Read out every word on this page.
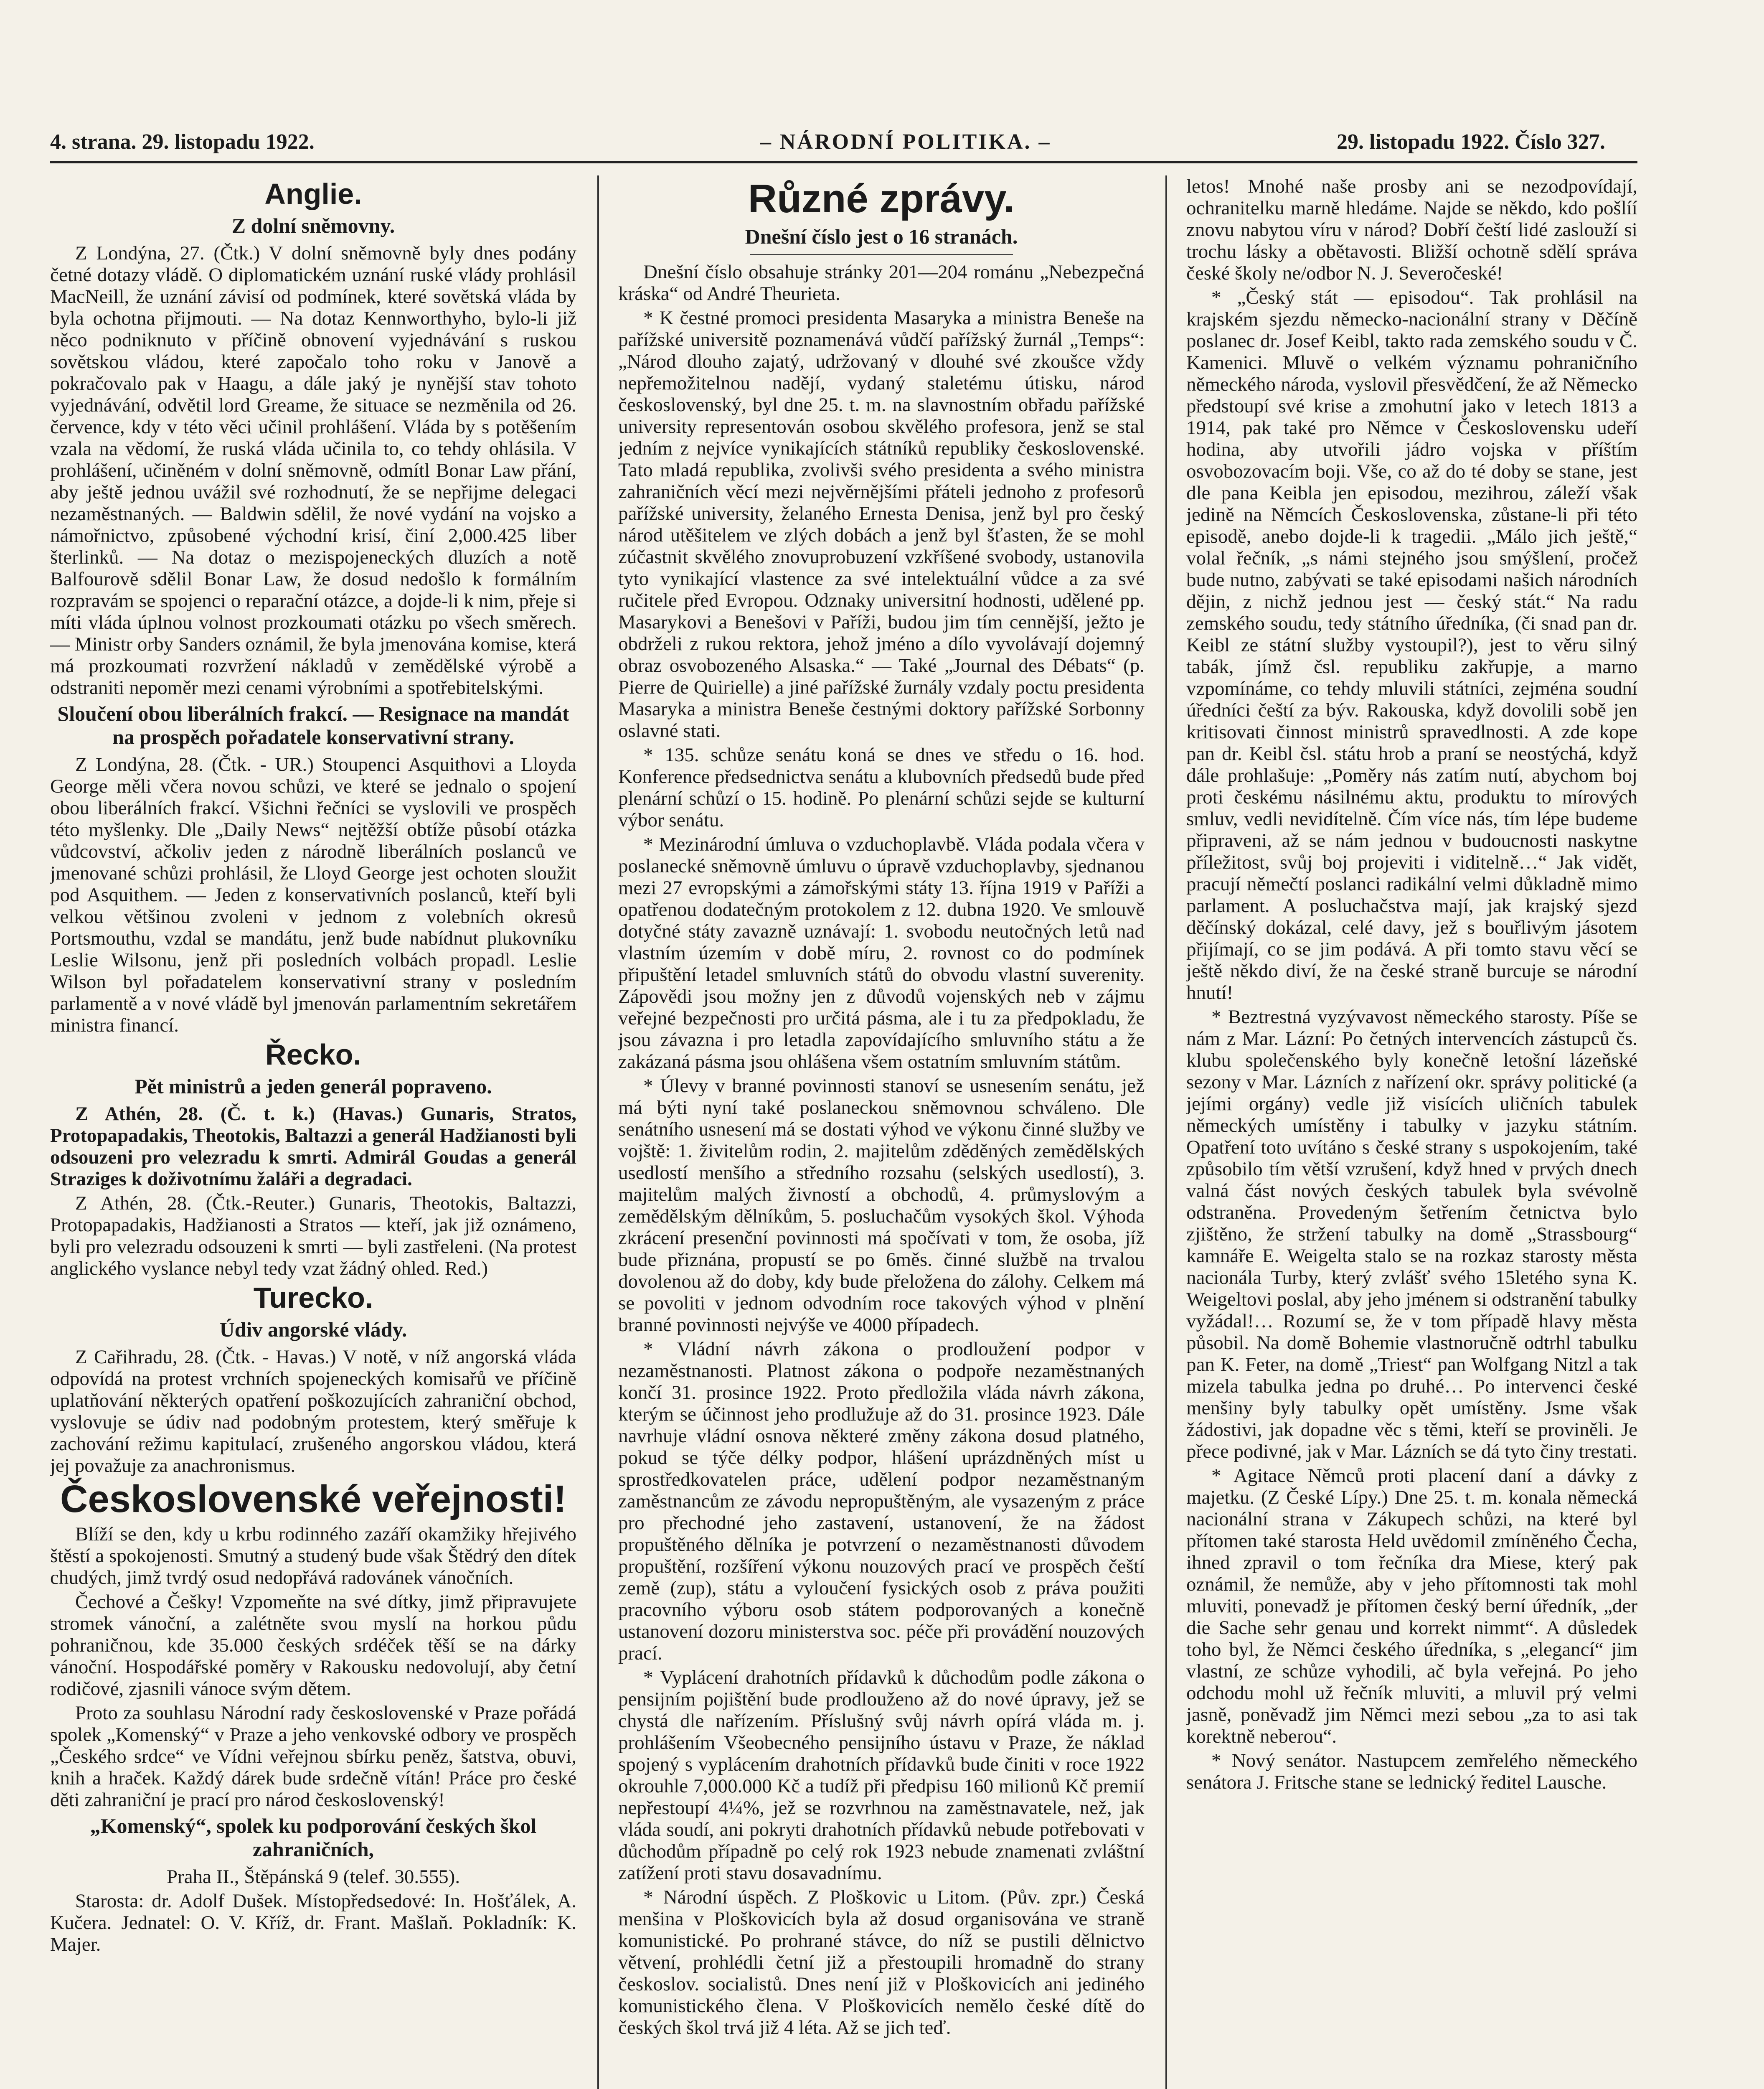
4. strana. 29. listopadu 1922.	– NÁRODNÍ POLITIKA. –	29. listopadu 1922. Číslo 327.
Anglie.
Z dolní sněmovny.

Z Londýna, 27. (Čtk.) V dolní sněmovně byly dnes podány četné dotazy vládě. O diplomatickém uznání ruské vlády prohlásil MacNeill, že uznání závisí od podmínek, které sovětská vláda by byla ochotna přijmouti. — Na dotaz Kennworthyho, bylo-li již něco podniknuto v příčině obnovení vyjednávání s ruskou sovětskou vládou, které započalo toho roku v Janově a pokračovalo pak v Haagu, a dále jaký je nynější stav tohoto vyjednávání, odvětil lord Greame, že situace se nezměnila od 26. července, kdy v této věci učinil prohlášení. Vláda by s potěšením vzala na vědomí, že ruská vláda učinila to, co tehdy ohlásila. V prohlášení, učiněném v dolní sněmovně, odmítl Bonar Law přání, aby ještě jednou uvážil své rozhodnutí, že se nepřijme delegaci nezaměstnaných. — Baldwin sdělil, že nové vydání na vojsko a námořnictvo, způsobené východní krisí, činí 2,000.425 liber šterlinků. — Na dotaz o mezispojeneckých dluzích a notě Balfourově sdělil Bonar Law, že dosud nedošlo k formálním rozpravám se spojenci o reparační otázce, a dojde-li k nim, přeje si míti vláda úplnou volnost prozkoumati otázku po všech směrech. — Ministr orby Sanders oznámil, že byla jmenována komise, která má prozkoumati rozvržení nákladů v zemědělské výrobě a odstraniti nepoměr mezi cenami výrobními a spotřebitelskými.

Sloučení obou liberálních frakcí. — Resignace na mandát na prospěch pořadatele konservativní strany.

Z Londýna, 28. (Čtk. - UR.) Stoupenci Asquithovi a Lloyda George měli včera novou schůzi, ve které se jednalo o spojení obou liberálních frakcí. Všichni řečníci se vyslovili ve prospěch této myšlenky. Dle „Daily News“ nejtěžší obtíže působí otázka vůdcovství, ačkoliv jeden z národně liberálních poslanců ve jmenované schůzi prohlásil, že Lloyd George jest ochoten sloužit pod Asquithem. — Jeden z konservativních poslanců, kteří byli velkou většinou zvoleni v jednom z volebních okresů Portsmouthu, vzdal se mandátu, jenž bude nabídnut plukovníku Leslie Wilsonu, jenž při posledních volbách propadl. Leslie Wilson byl pořadatelem konservativní strany v posledním parlamentě a v nové vládě byl jmenován parlamentním sekretářem ministra financí.

Řecko.
Pět ministrů a jeden generál popraveno.

Z Athén, 28. (Č. t. k.) (Havas.) Gunaris, Stratos, Protopapadakis, Theotokis, Baltazzi a generál Hadžianosti byli odsouzeni pro velezradu k smrti. Admirál Goudas a generál Straziges k doživotnímu žaláři a degradaci.

Z Athén, 28. (Čtk.-Reuter.) Gunaris, Theotokis, Baltazzi, Protopapadakis, Hadžianosti a Stratos — kteří, jak již oznámeno, byli pro velezradu odsouzeni k smrti — byli zastřeleni. (Na protest anglického vyslance nebyl tedy vzat žádný ohled. Red.)

Turecko.
Údiv angorské vlády.

Z Cařihradu, 28. (Čtk. - Havas.) V notě, v níž angorská vláda odpovídá na protest vrchních spojeneckých komisařů ve příčině uplatňování některých opatření poškozujících zahraniční obchod, vyslovuje se údiv nad podobným protestem, který směřuje k zachování režimu kapitulací, zrušeného angorskou vládou, která jej považuje za anachronismus.

Československé veřejnosti!

Blíží se den, kdy u krbu rodinného zazáří okamžiky hřejivého štěstí a spokojenosti. Smutný a studený bude však Štědrý den dítek chudých, jimž tvrdý osud nedopřává radovánek vánočních.

Čechové a Češky! Vzpomeňte na své dítky, jimž připravujete stromek vánoční, a zalétněte svou myslí na horkou půdu pohraničnou, kde 35.000 českých srdéček těší se na dárky vánoční. Hospodářské poměry v Rakousku nedovolují, aby četní rodičové, zjasnili vánoce svým dětem.

Proto za souhlasu Národní rady československé v Praze pořádá spolek „Komenský“ v Praze a jeho venkovské odbory ve prospěch „Českého srdce“ ve Vídni veřejnou sbírku peněz, šatstva, obuvi, knih a hraček. Každý dárek bude srdečně vítán! Práce pro české děti zahraniční je prací pro národ československý!

„Komenský“, spolek ku podporování českých škol zahraničních,

Praha II., Štěpánská 9 (telef. 30.555).

Starosta: dr. Adolf Dušek. Místopředsedové: In. Hošťálek, A. Kučera. Jednatel: O. V. Kříž, dr. Frant. Mašlaň. Pokladník: K. Majer.

Různé zprávy.
Dnešní číslo jest o 16 stranách.

Dnešní číslo obsahuje stránky 201—204 románu „Nebezpečná kráska“ od André Theurieta.

* K čestné promoci presidenta Masaryka a ministra Beneše na pařížské universitě poznamenává vůdčí pařížský žurnál „Temps“: „Národ dlouho zajatý, udržovaný v dlouhé své zkoušce vždy nepřemožitelnou nadějí, vydaný staletému útisku, národ československý, byl dne 25. t. m. na slavnostním obřadu pařížské university representován osobou skvělého profesora, jenž se stal jedním z nejvíce vynikajících státníků republiky československé. Tato mladá republika, zvolivši svého presidenta a svého ministra zahraničních věcí mezi nejvěrnějšími přáteli jednoho z profesorů pařížské university, želaného Ernesta Denisa, jenž byl pro český národ utěšitelem ve zlých dobách a jenž byl šťasten, že se mohl zúčastnit skvělého znovuprobuzení vzkříšené svobody, ustanovila tyto vynikající vlastence za své intelektuální vůdce a za své ručitele před Evropou. Odznaky universitní hodnosti, udělené pp. Masarykovi a Benešovi v Paříži, budou jim tím cennější, ježto je obdrželi z rukou rektora, jehož jméno a dílo vyvolávají dojemný obraz osvobozeného Alsaska.“ — Také „Journal des Débats“ (p. Pierre de Quirielle) a jiné pařížské žurnály vzdaly poctu presidenta Masaryka a ministra Beneše čestnými doktory pařížské Sorbonny oslavné stati.

* 135. schůze senátu koná se dnes ve středu o 16. hod. Konference předsednictva senátu a klubovních předsedů bude před plenární schůzí o 15. hodině. Po plenární schůzi sejde se kulturní výbor senátu.

* Mezinárodní úmluva o vzduchoplavbě. Vláda podala včera v poslanecké sněmovně úmluvu o úpravě vzduchoplavby, sjednanou mezi 27 evropskými a zámořskými státy 13. října 1919 v Paříži a opatřenou dodatečným protokolem z 12. dubna 1920. Ve smlouvě dotyčné státy zavazně uznávají: 1. svobodu neutočných letů nad vlastním územím v době míru, 2. rovnost co do podmínek připuštění letadel smluvních států do obvodu vlastní suverenity. Zápovědi jsou možny jen z důvodů vojenských neb v zájmu veřejné bezpečnosti pro určitá pásma, ale i tu za předpokladu, že jsou závazna i pro letadla zapovídajícího smluvního státu a že zakázaná pásma jsou ohlášena všem ostatním smluvním státům.

* Úlevy v branné povinnosti stanoví se usnesením senátu, jež má býti nyní také poslaneckou sněmovnou schváleno. Dle senátního usnesení má se dostati výhod ve výkonu činné služby ve vojště: 1. živitelům rodin, 2. majitelům zděděných zemědělských usedlostí menšího a středního rozsahu (selských usedlostí), 3. majitelům malých živností a obchodů, 4. průmyslovým a zemědělským dělníkům, 5. posluchačům vysokých škol. Výhoda zkrácení presenční povinnosti má spočívati v tom, že osoba, jíž bude přiznána, propustí se po 6měs. činné službě na trvalou dovolenou až do doby, kdy bude přeložena do zálohy. Celkem má se povoliti v jednom odvodním roce takových výhod v plnění branné povinnosti nejvýše ve 4000 případech.

* Vládní návrh zákona o prodloužení podpor v nezaměstnanosti. Platnost zákona o podpoře nezaměstnaných končí 31. prosince 1922. Proto předložila vláda návrh zákona, kterým se účinnost jeho prodlužuje až do 31. prosince 1923. Dále navrhuje vládní osnova některé změny zákona dosud platného, pokud se týče délky podpor, hlášení uprázdněných míst u sprostředkovatelen práce, udělení podpor nezaměstnaným zaměstnancům ze závodu nepropuštěným, ale vysazeným z práce pro přechodné jeho zastavení, ustanovení, že na žádost propuštěného dělníka je potvrzení o nezaměstnanosti důvodem propuštění, rozšíření výkonu nouzových prací ve prospěch čeští země (zup), státu a vyloučení fysických osob z práva použiti pracovního výboru osob státem podporovaných a konečně ustanovení dozoru ministerstva soc. péče při provádění nouzových prací.

* Vyplácení drahotních přídavků k důchodům podle zákona o pensijním pojištění bude prodlouženo až do nové úpravy, jež se chystá dle nařízením. Příslušný svůj návrh opírá vláda m. j. prohlášením Všeobecného pensijního ústavu v Praze, že náklad spojený s vyplácením drahotních přídavků bude činiti v roce 1922 okrouhle 7,000.000 Kč a tudíž při předpisu 160 milionů Kč premií nepřestoupí 4¼%, jež se rozvrhnou na zaměstnavatele, než, jak vláda soudí, ani pokryti drahotních přídavků nebude potřebovati v důchodům případně po celý rok 1923 nebude znamenati zvláštní zatížení proti stavu dosavadnímu.

* Národní úspěch. Z Ploškovic u Litom. (Pův. zpr.) Česká menšina v Ploškovicích byla až dosud organisována ve straně komunistické. Po prohrané stávce, do níž se pustili dělnictvo větvení, prohlédli četní již a přestoupili hromadně do strany českoslov. socialistů. Dnes není již v Ploškovicích ani jediného komunistického člena. V Ploškovicích nemělo české dítě do českých škol trvá již 4 léta. Až se jich teď.

letos! Mnohé naše prosby ani se nezodpovídají, ochranitelku marně hledáme. Najde se někdo, kdo pošlíí znovu nabytou víru v národ? Dobří čeští lidé zaslouží si trochu lásky a obětavosti. Bližší ochotně sdělí správa české školy ne/odbor N. J. Severočeské!

* „Český stát — episodou“. Tak prohlásil na krajském sjezdu německo-nacionální strany v Děčíně poslanec dr. Josef Keibl, takto rada zemského soudu v Č. Kamenici. Mluvě o velkém významu pohraničního německého národa, vyslovil přesvědčení, že až Německo předstoupí své krise a zmohutní jako v letech 1813 a 1914, pak také pro Němce v Československu udeří hodina, aby utvořili jádro vojska v příštím osvobozovacím boji. Vše, co až do té doby se stane, jest dle pana Keibla jen episodou, mezihrou, záleží však jedině na Němcích Československa, zůstane-li při této episodě, anebo dojde-li k tragedii. „Málo jich ještě,“ volal řečník, „s námi stejného jsou smýšlení, pročež bude nutno, zabývati se také episodami našich národních dějin, z nichž jednou jest — český stát.“ Na radu zemského soudu, tedy státního úředníka, (či snad pan dr. Keibl ze státní služby vystoupil?), jest to věru silný tabák, jímž čsl. republiku zakřupje, a marno vzpomínáme, co tehdy mluvili státníci, zejména soudní úředníci čeští za býv. Rakouska, když dovolili sobě jen kritisovati činnost ministrů spravedlnosti. A zde kope pan dr. Keibl čsl. státu hrob a praní se neostýchá, když dále prohlašuje: „Poměry nás zatím nutí, abychom boj proti českému násilnému aktu, produktu to mírových smluv, vedli nevidítelně. Čím více nás, tím lépe budeme připraveni, až se nám jednou v budoucnosti naskytne příležitost, svůj boj projeviti i viditelně…“ Jak vidět, pracují němečtí poslanci radikální velmi důkladně mimo parlament. A posluchačstva mají, jak krajský sjezd děčínský dokázal, celé davy, jež s bouřlivým jásotem přijímají, co se jim podává. A při tomto stavu věcí se ještě někdo diví, že na české straně burcuje se národní hnutí!

* Beztrestná vyzývavost německého starosty. Píše se nám z Mar. Lázní: Po četných intervencích zástupců čs. klubu společenského byly konečně letošní lázeňské sezony v Mar. Lázních z nařízení okr. správy politické (a jejími orgány) vedle již visících uličních tabulek německých umístěny i tabulky v jazyku státním. Opatření toto uvítáno s české strany s uspokojením, také způsobilo tím větší vzrušení, když hned v prvých dnech valná část nových českých tabulek byla svévolně odstraněna. Provedeným šetřením četnictva bylo zjištěno, že stržení tabulky na domě „Strassbourg“ kamnáře E. Weigelta stalo se na rozkaz starosty města nacionála Turby, který zvlášť svého 15letého syna K. Weigeltovi poslal, aby jeho jménem si odstranění tabulky vyžádal!… Rozumí se, že v tom případě hlavy města působil. Na domě Bohemie vlastnoručně odtrhl tabulku pan K. Feter, na domě „Triest“ pan Wolfgang Nitzl a tak mizela tabulka jedna po druhé… Po intervenci české menšiny byly tabulky opět umístěny. Jsme však žádostivi, jak dopadne věc s těmi, kteří se proviněli. Je přece podivné, jak v Mar. Lázních se dá tyto činy trestati.

* Agitace Němců proti placení daní a dávky z majetku. (Z České Lípy.) Dne 25. t. m. konala německá nacionální strana v Zákupech schůzi, na které byl přítomen také starosta Held uvědomil zmíněného Čecha, ihned zpravil o tom řečníka dra Miese, který pak oznámil, že nemůže, aby v jeho přítomnosti tak mohl mluviti, ponevadž je přítomen český berní úředník, „der die Sache sehr genau und korrekt nimmt“. A důsledek toho byl, že Němci českého úředníka, s „elegancí“ jim vlastní, ze schůze vyhodili, ač byla veřejná. Po jeho odchodu mohl už řečník mluviti, a mluvil prý velmi jasně, poněvadž jim Němci mezi sebou „za to asi tak korektně neberou“.

* Nový senátor. Nastupcem zemřelého německého senátora J. Fritsche stane se lednický ředitel Lausche.
